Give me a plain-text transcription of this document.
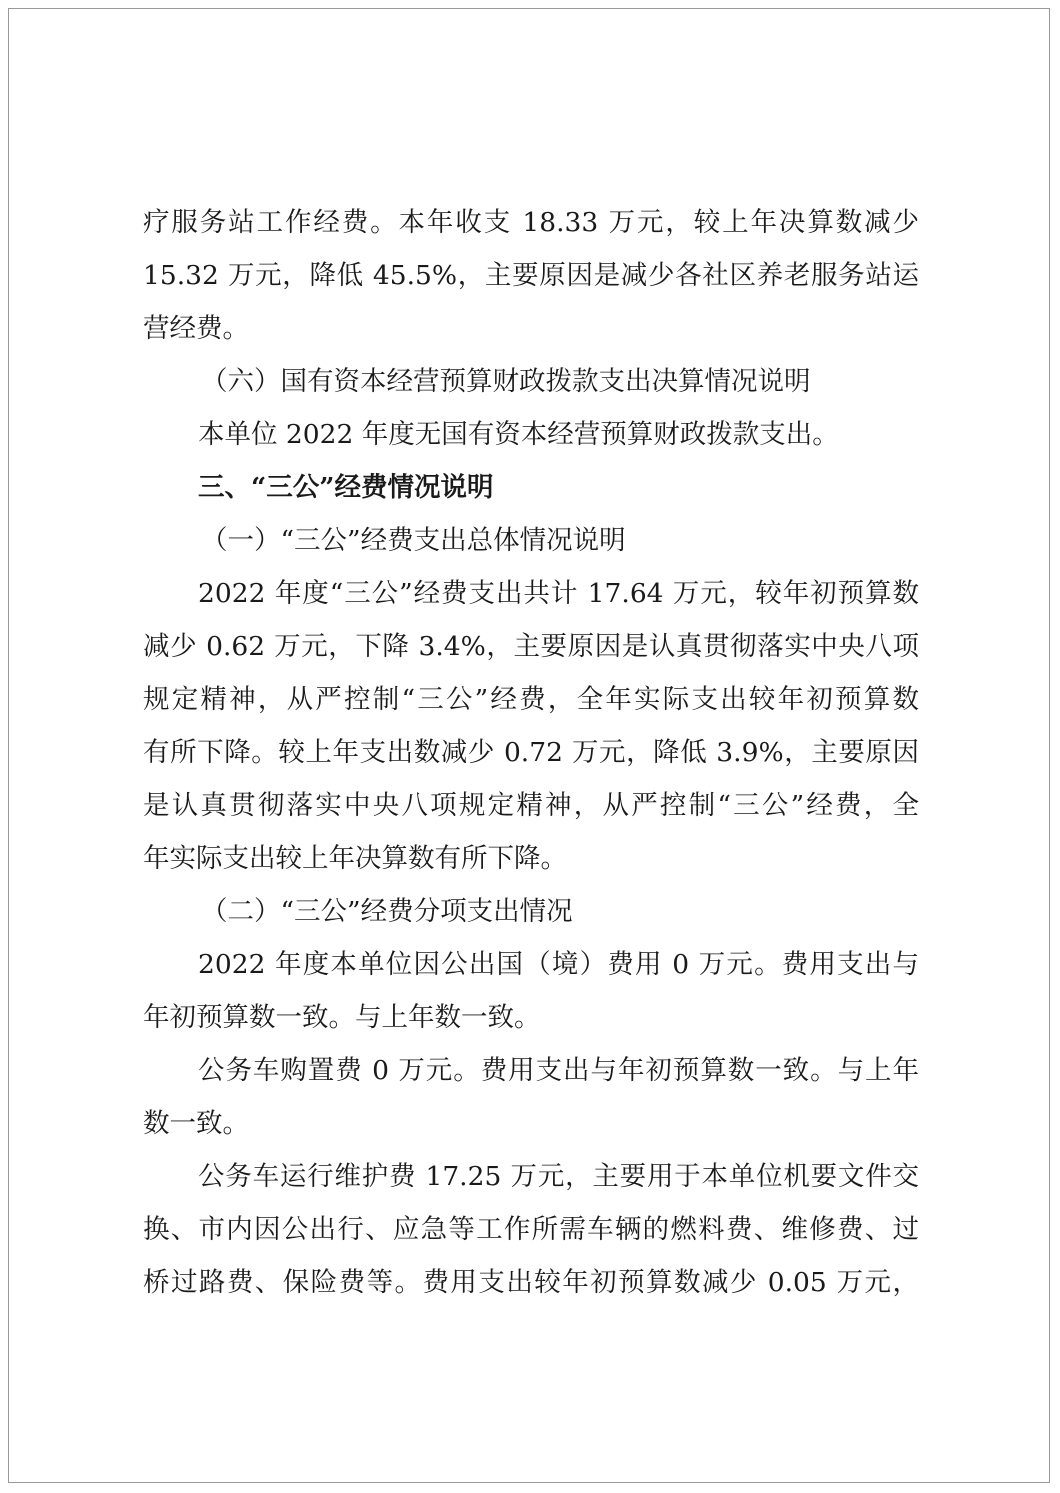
疗服务站工作经费。本年收支 18.33 万元，较上年决算数减少
15.32 万元，降低 45.5%，主要原因是减少各社区养老服务站运
营经费。
（六）国有资本经营预算财政拨款支出决算情况说明
本单位 2022 年度无国有资本经营预算财政拨款支出。
三、“三公”经费情况说明
（一）“三公”经费支出总体情况说明
2022 年度“三公”经费支出共计 17.64 万元，较年初预算数
减少 0.62 万元，下降 3.4%，主要原因是认真贯彻落实中央八项
规定精神，从严控制“三公”经费，全年实际支出较年初预算数
有所下降。较上年支出数减少 0.72 万元，降低 3.9%，主要原因
是认真贯彻落实中央八项规定精神，从严控制“三公”经费，全
年实际支出较上年决算数有所下降。
（二）“三公”经费分项支出情况
2022 年度本单位因公出国（境）费用 0 万元。费用支出与
年初预算数一致。与上年数一致。
公务车购置费 0 万元。费用支出与年初预算数一致。与上年
数一致。
公务车运行维护费 17.25 万元，主要用于本单位机要文件交
换、市内因公出行、应急等工作所需车辆的燃料费、维修费、过
桥过路费、保险费等。费用支出较年初预算数减少 0.05 万元，
